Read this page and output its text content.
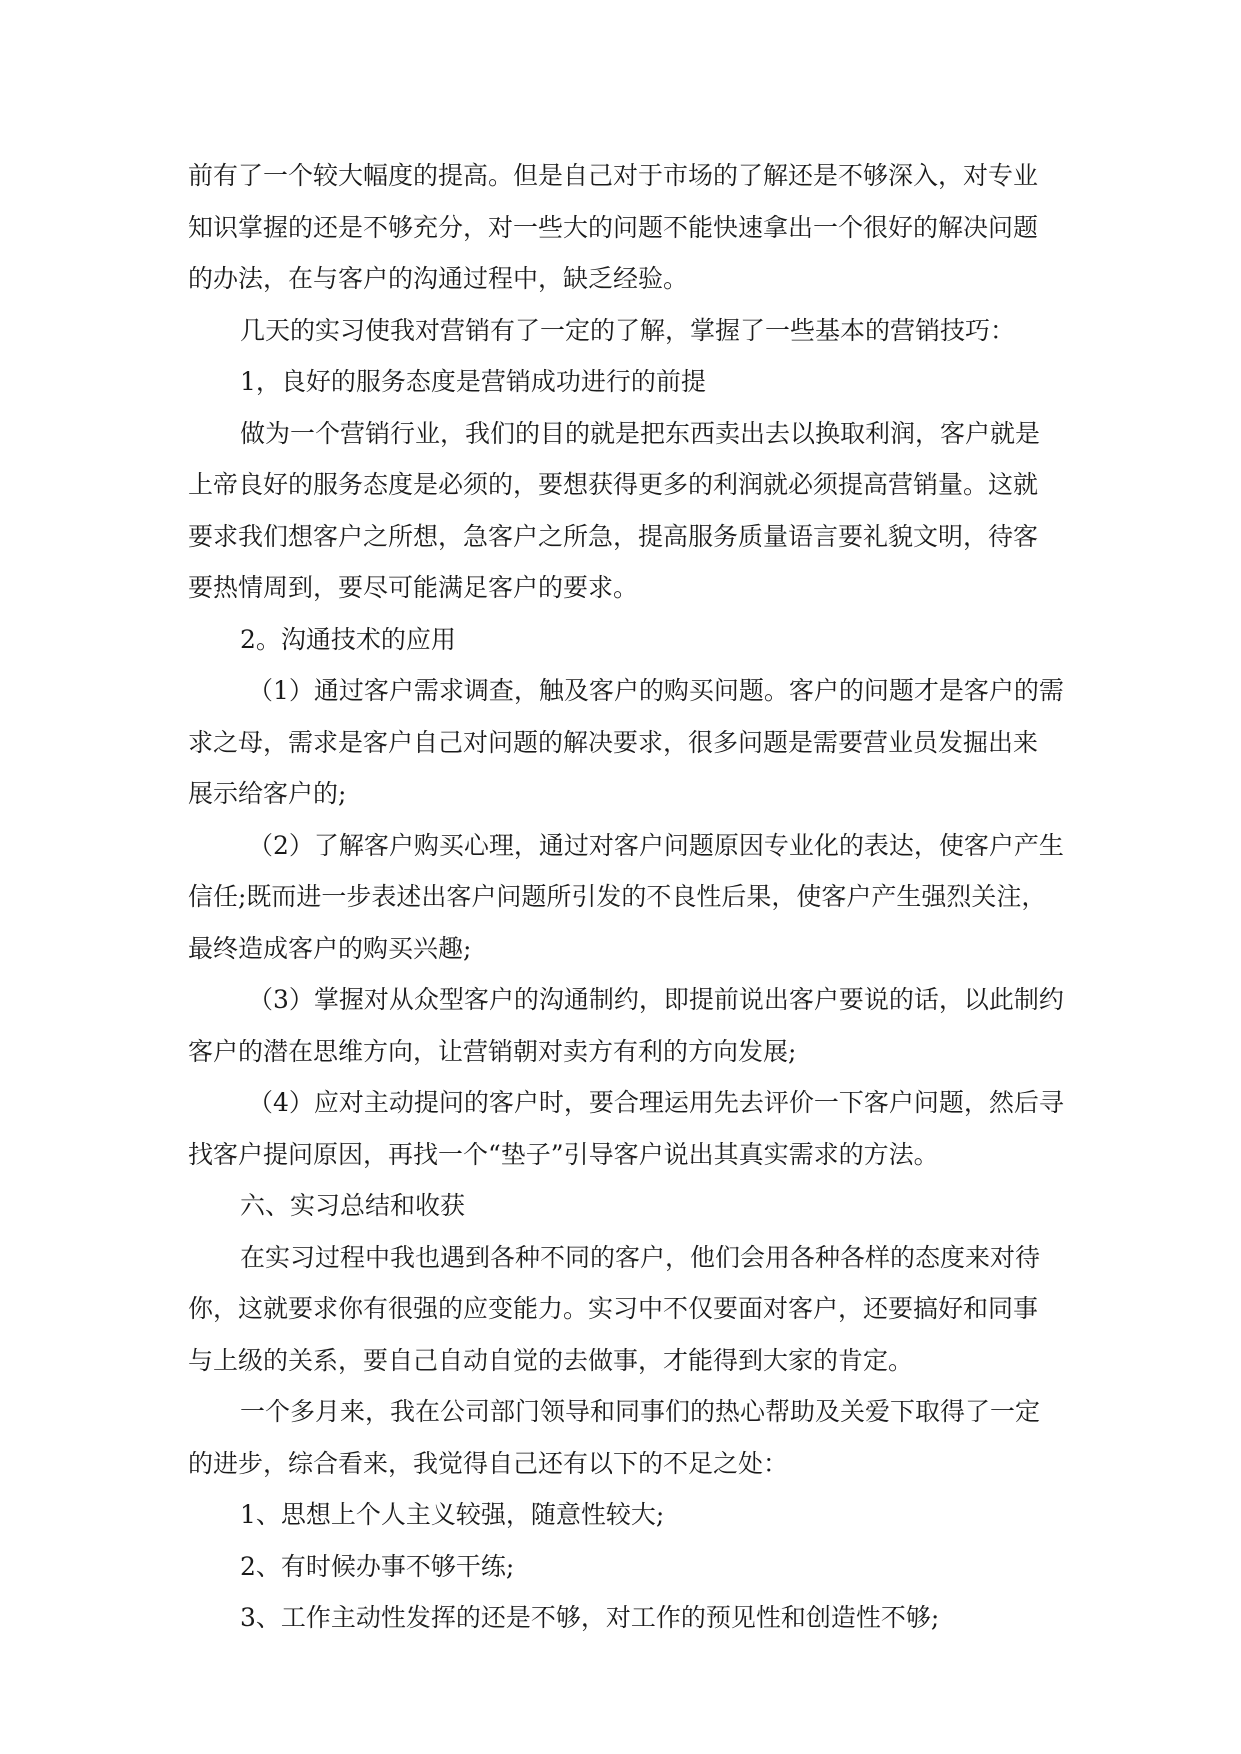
前有了一个较大幅度的提高。但是自己对于市场的了解还是不够深入，对专业
知识掌握的还是不够充分，对一些大的问题不能快速拿出一个很好的解决问题
的办法，在与客户的沟通过程中，缺乏经验。
几天的实习使我对营销有了一定的了解，掌握了一些基本的营销技巧：
1，良好的服务态度是营销成功进行的前提
做为一个营销行业，我们的目的就是把东西卖出去以换取利润，客户就是
上帝良好的服务态度是必须的，要想获得更多的利润就必须提高营销量。这就
要求我们想客户之所想，急客户之所急，提高服务质量语言要礼貌文明，待客
要热情周到，要尽可能满足客户的要求。
2。沟通技术的应用
（1）通过客户需求调查，触及客户的购买问题。客户的问题才是客户的需
求之母，需求是客户自己对问题的解决要求，很多问题是需要营业员发掘出来
展示给客户的;
（2）了解客户购买心理，通过对客户问题原因专业化的表达，使客户产生
信任;既而进一步表述出客户问题所引发的不良性后果，使客户产生强烈关注，
最终造成客户的购买兴趣;
（3）掌握对从众型客户的沟通制约，即提前说出客户要说的话，以此制约
客户的潜在思维方向，让营销朝对卖方有利的方向发展;
（4）应对主动提问的客户时，要合理运用先去评价一下客户问题，然后寻
找客户提问原因，再找一个“垫子”引导客户说出其真实需求的方法。
六、实习总结和收获
在实习过程中我也遇到各种不同的客户，他们会用各种各样的态度来对待
你，这就要求你有很强的应变能力。实习中不仅要面对客户，还要搞好和同事
与上级的关系，要自己自动自觉的去做事，才能得到大家的肯定。
一个多月来，我在公司部门领导和同事们的热心帮助及关爱下取得了一定
的进步，综合看来，我觉得自己还有以下的不足之处：
1、思想上个人主义较强，随意性较大;
2、有时候办事不够干练;
3、工作主动性发挥的还是不够，对工作的预见性和创造性不够;
